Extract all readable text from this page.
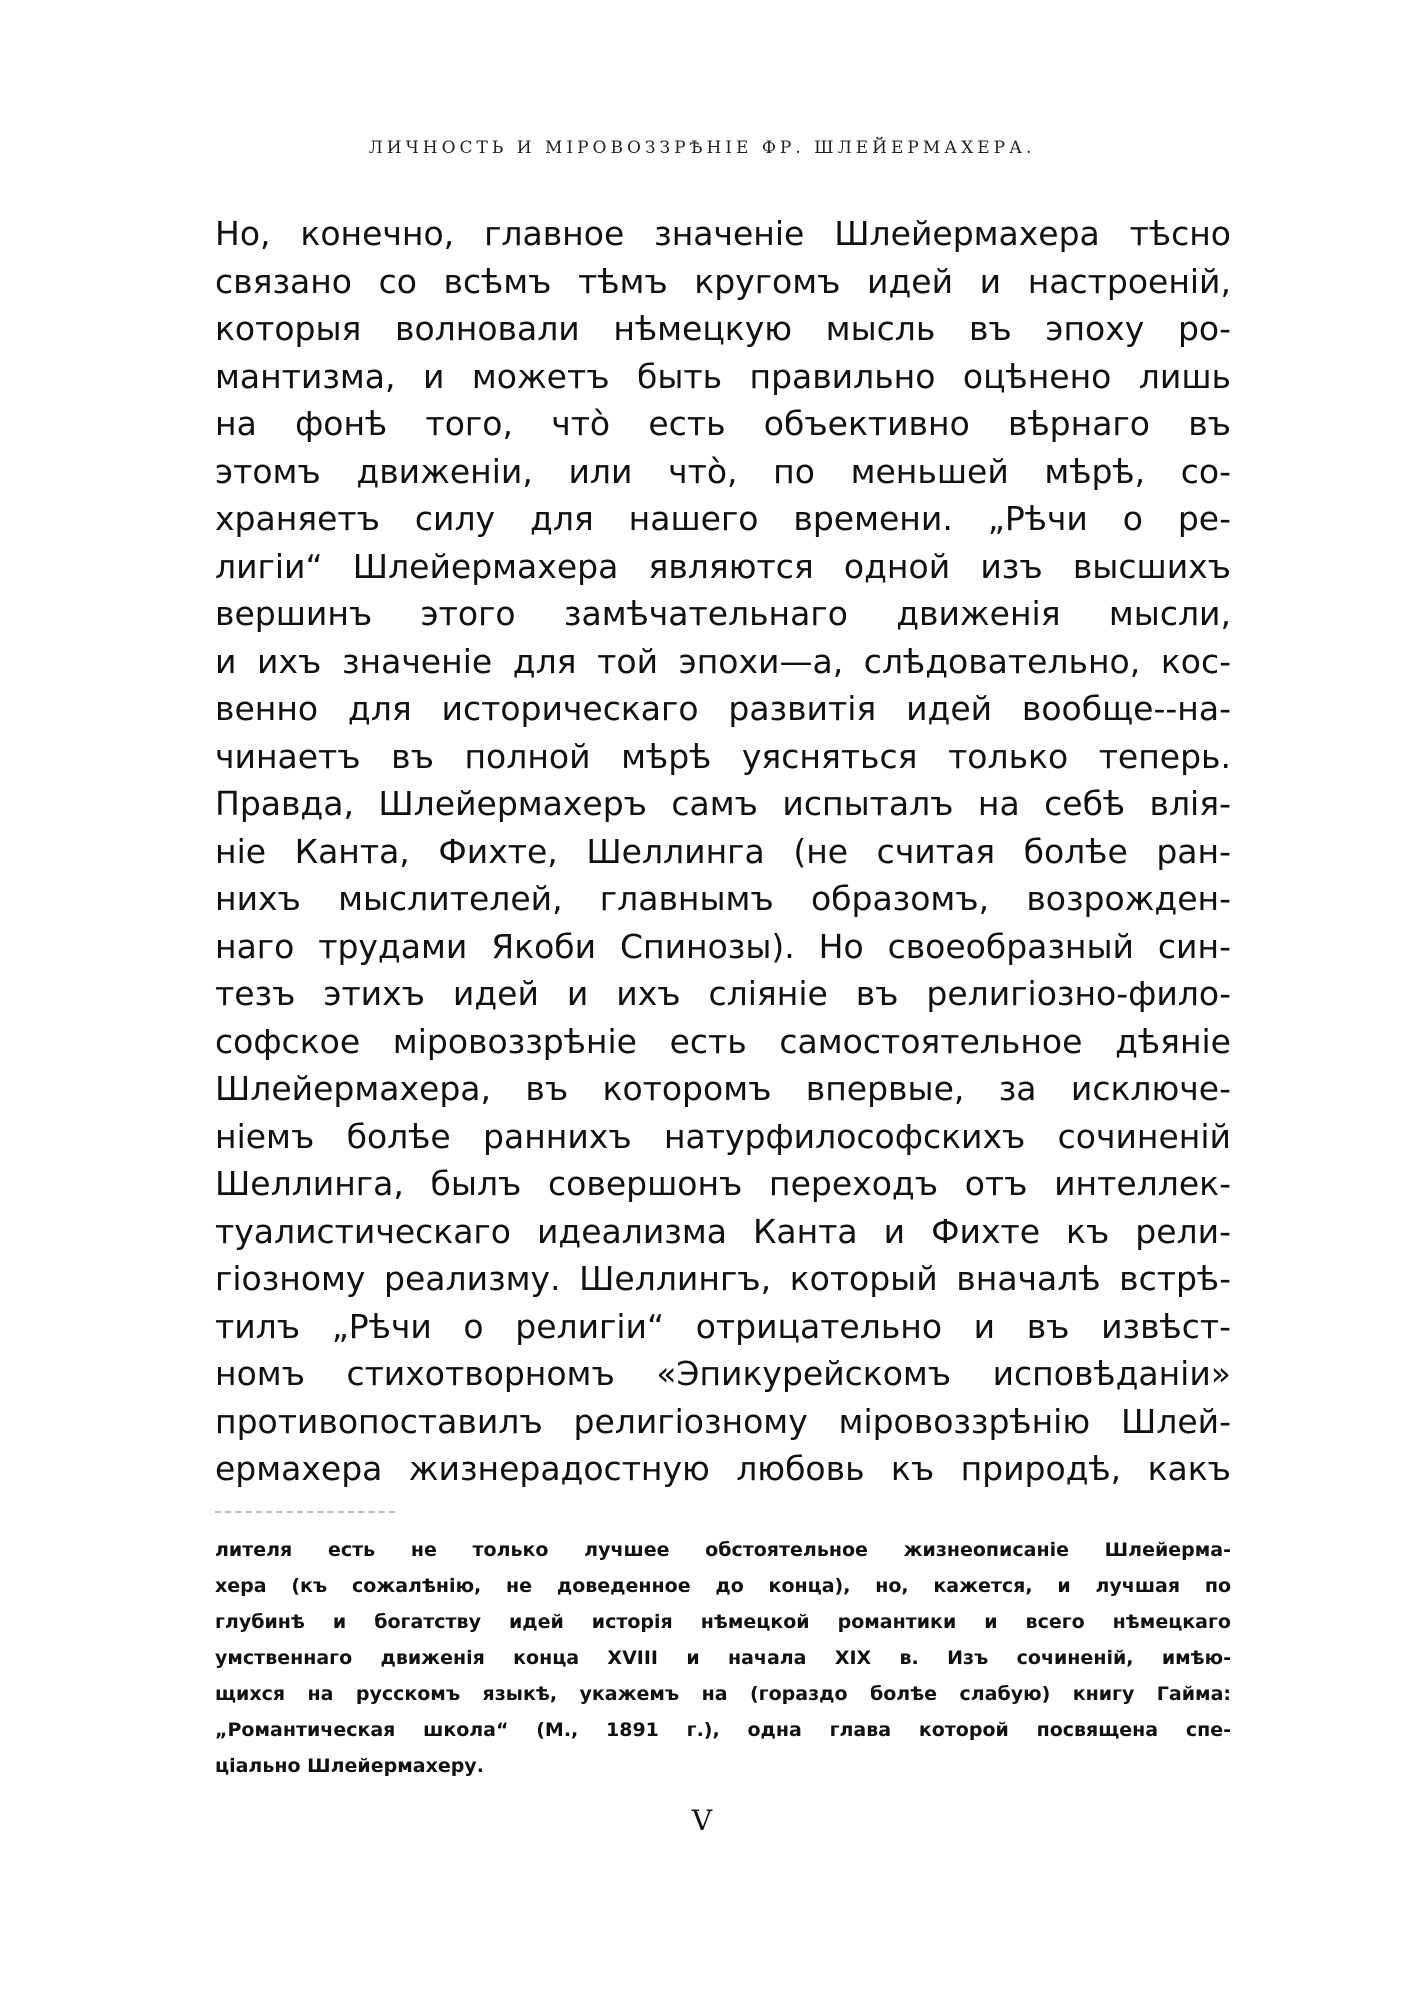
ЛИЧНОСТЬ И МІРОВОЗЗРѢНІЕ ФР. ШЛЕЙЕРМАХЕРА.
Но, конечно, главное значеніе Шлейермахера тѣсно
связано со всѣмъ тѣмъ кругомъ идей и настроеній,
которыя волновали нѣмецкую мысль въ эпоху ро-
мантизма, и можетъ быть правильно оцѣнено лишь
на фонѣ того, что̀ есть объективно вѣрнаго въ
этомъ движеніи, или что̀, по меньшей мѣрѣ, со-
храняетъ силу для нашего времени. „Рѣчи о ре-
лигіи“ Шлейермахера являются одной изъ высшихъ
вершинъ этого замѣчательнаго движенія мысли,
и ихъ значеніе для той эпохи—а, слѣдовательно, кос-
венно для историческаго развитія идей вообще--на-
чинаетъ въ полной мѣрѣ уясняться только теперь.
Правда, Шлейермахеръ самъ испыталъ на себѣ влія-
ніе Канта, Фихте, Шеллинга (не считая болѣе ран-
нихъ мыслителей, главнымъ образомъ, возрожден-
наго трудами Якоби Спинозы). Но своеобразный син-
тезъ этихъ идей и ихъ сліяніе въ религіозно-фило-
софское міровоззрѣніе есть самостоятельное дѣяніе
Шлейермахера, въ которомъ впервые, за исключе-
ніемъ болѣе раннихъ натурфилософскихъ сочиненій
Шеллинга, былъ совершонъ переходъ отъ интеллек-
туалистическаго идеализма Канта и Фихте къ рели-
гіозному реализму. Шеллингъ, который вначалѣ встрѣ-
тилъ „Рѣчи о религіи“ отрицательно и въ извѣст-
номъ стихотворномъ «Эпикурейскомъ исповѣданіи»
противопоставилъ религіозному міровоззрѣнію Шлей-
ермахера жизнерадостную любовь къ природѣ, какъ
лителя есть не только лучшее обстоятельное жизнеописаніе Шлейерма-
хера (къ сожалѣнію, не доведенное до конца), но, кажется, и лучшая по
глубинѣ и богатству идей исторія нѣмецкой романтики и всего нѣмецкаго
умственнаго движенія конца XVIII и начала XIX в. Изъ сочиненій, имѣю-
щихся на русскомъ языкѣ, укажемъ на (гораздо болѣе слабую) книгу Гайма:
„Романтическая школа“ (М., 1891 г.), одна глава которой посвящена спе-
ціально Шлейермахеру.
V
